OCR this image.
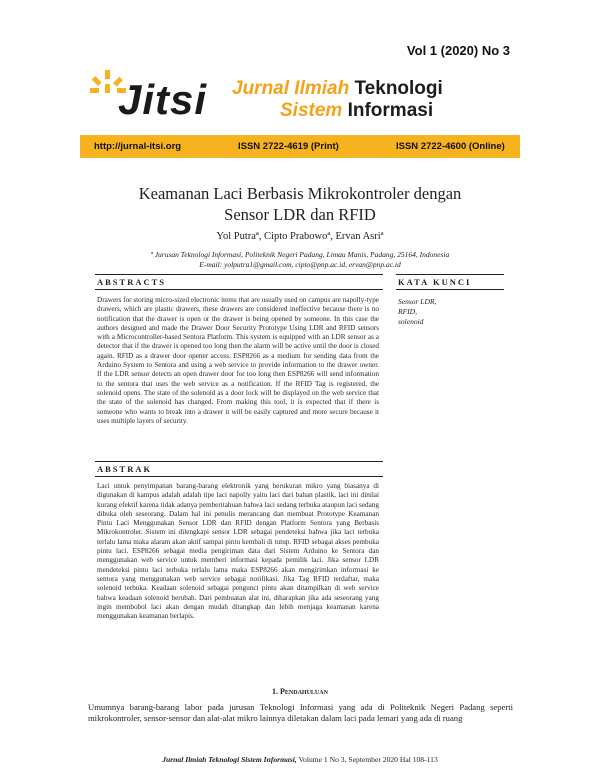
Vol 1 (2020) No 3
Jitsi Jurnal Ilmiah Teknologi
Sistem Informasi
http://jurnal-itsi.org	ISSN 2722-4619 (Print)	ISSN 2722-4600 (Online)
Keamanan Laci Berbasis Mikrokontroler dengan
Sensor LDR dan RFID
Yol Putraª, Cipto Prabowoª, Ervan Asriª
ª Jurusan Teknologi Informasi, Politeknik Negeri Padang, Limau Manis, Padang, 25164, Indonesia
E-mail: yolputra1@gmail.com, cipto@pnp.ac.id, ervan@pnp.ac.id
ABSTRACTS
Drawers for storing micro-sized electronic items that are usually used on campus are napolly-type drawers, which are plastic drawers, these drawers are considered ineffective because there is no notification that the drawer is open or the drawer is being opened by someone. In this case the authors designed and made the Drawer Door Security Prototype Using LDR and RFID sensors with a Microcontroller-based Sentora Platform. This system is equipped with an LDR sensor as a detector that if the drawer is opened too long then the alarm will be active until the door is closed again. RFID as a drawer door opener access. ESP8266 as a medium for sending data from the Arduino System to Sentora and using a web service to provide information to the drawer owner. If the LDR sensor detects an open drawer door for too long then ESP8266 will send information to the sentora that uses the web service as a notification. If the RFID Tag is registered, the solenoid opens. The state of the solenoid as a door lock will be displayed on the web service that the state of the solenoid has changed. From making this tool, it is expected that if there is someone who wants to break into a drawer it will be easily captured and more secure because it uses multiple layers of security.
KATA KUNCI
Sensor LDR,
RFID,
solenoid
ABSTRAK
Laci untuk penyimpanan barang-barang elektronik yang berukuran mikro yang biasanya di digunakan di kampus adalah adalah tipe laci napolly yaitu laci dari bahan plastik, laci ini dinilai kurang efektif karena tidak adanya pemberitahuan bahwa laci sedang terbuka ataupun laci sedang dibuka oleh seseorang. Dalam hal ini penulis merancang dan membuat Prototype Keamanan Pintu Laci Menggunakan Sensor LDR dan RFID dengan Platform Sentora yang Berbasis Mikrokontroler. Sistem ini dilengkapi sensor LDR sebagai pendeteksi bahwa jika laci terbuka terlalu lama maka alaram akan aktif sampai pintu kembali di tutup. RFID sebagai akses pembuka pintu laci. ESP8266 sebagai media pengiriman data dari Sistem Arduino ke Sentora dan menggunakan web service untuk memberi informasi kepada pemilik laci. Jika sensor LDR mendeteksi pintu laci terbuka terlalu lama maka ESP8266 akan mengirimkan informasi ke sentora yang menggunakan web service sebagai notifikasi. Jika Tag RFID terdaftar, maka solenoid terbuka. Keadaan solenoid sebagai pengunci pintu akan ditampilkan di web service bahwa keadaan solenoid berubah. Dari pembuatan alat ini, diharapkan jika ada seseorang yang ingin membobol laci akan dengan mudah ditangkap dan lebih menjaga keamanan karena menggunakan keamanan berlapis.
1. Pendahuluan
Umumnya barang-barang labor pada jurusan Teknologi Informasi yang ada di Politeknik Negeri Padang seperti mikrokontroler, sensor-sensor dan alat-alat mikro lainnya diletakan dalam laci pada lemari yang ada di ruang
Jurnal Ilmiah Teknologi Sistem Informasi, Volume 1 No 3, September 2020 Hal 108-113
